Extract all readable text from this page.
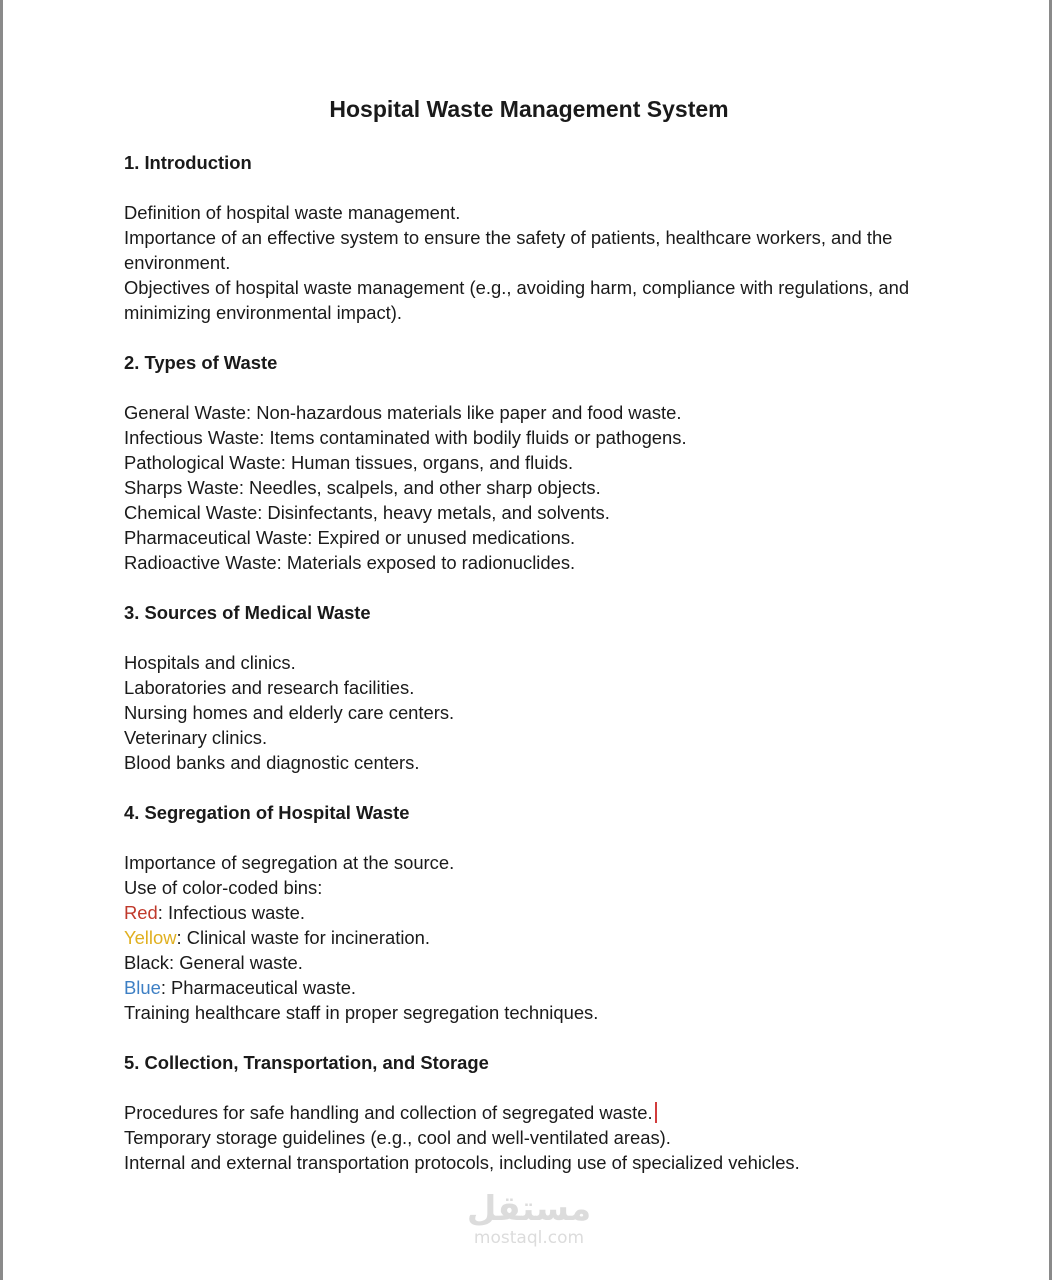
Hospital Waste Management System

1. Introduction

Definition of hospital waste management.

Importance of an effective system to ensure the safety of patients, healthcare workers, and the environment.

Objectives of hospital waste management (e.g., avoiding harm, compliance with regulations, and minimizing environmental impact).

2. Types of Waste

General Waste: Non-hazardous materials like paper and food waste.

Infectious Waste: Items contaminated with bodily fluids or pathogens.

Pathological Waste: Human tissues, organs, and fluids.

Sharps Waste: Needles, scalpels, and other sharp objects.

Chemical Waste: Disinfectants, heavy metals, and solvents.

Pharmaceutical Waste: Expired or unused medications.

Radioactive Waste: Materials exposed to radionuclides.

3. Sources of Medical Waste

Hospitals and clinics.

Laboratories and research facilities.

Nursing homes and elderly care centers.

Veterinary clinics.

Blood banks and diagnostic centers.

4. Segregation of Hospital Waste

Importance of segregation at the source.

Use of color-coded bins:

Red: Infectious waste.

Yellow: Clinical waste for incineration.

Black: General waste.

Blue: Pharmaceutical waste.

Training healthcare staff in proper segregation techniques.

5. Collection, Transportation, and Storage

Procedures for safe handling and collection of segregated waste.

Temporary storage guidelines (e.g., cool and well-ventilated areas).

Internal and external transportation protocols, including use of specialized vehicles.

مستقل
mostaql.com
